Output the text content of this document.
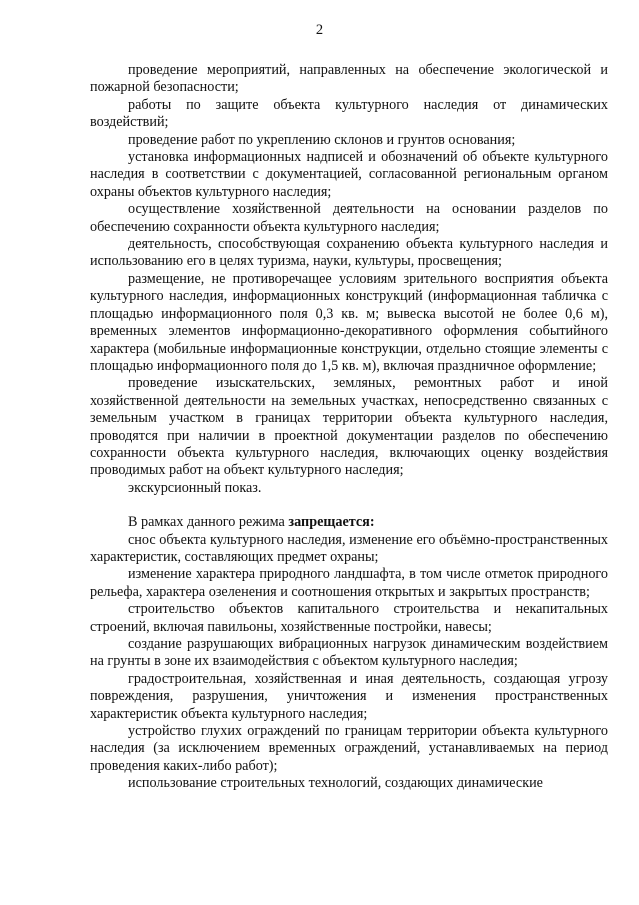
2

проведение мероприятий, направленных на обеспечение экологической и пожарной безопасности;

работы по защите объекта культурного наследия от динамических воздействий;

проведение работ по укреплению склонов и грунтов основания;

установка информационных надписей и обозначений об объекте культурного наследия в соответствии с документацией, согласованной региональным органом охраны объектов культурного наследия;

осуществление хозяйственной деятельности на основании разделов по обеспечению сохранности объекта культурного наследия;

деятельность, способствующая сохранению объекта культурного наследия и использованию его в целях туризма, науки, культуры, просвещения;

размещение, не противоречащее условиям зрительного восприятия объекта культурного наследия, информационных конструкций (информационная табличка с площадью информационного поля 0,3 кв. м; вывеска высотой не более 0,6 м), временных элементов информационно-декоративного оформления событийного характера (мобильные информационные конструкции, отдельно стоящие элементы с площадью информационного поля до 1,5 кв. м), включая праздничное оформление;

проведение изыскательских, земляных, ремонтных работ и иной хозяйственной деятельности на земельных участках, непосредственно связанных с земельным участком в границах территории объекта культурного наследия, проводятся при наличии в проектной документации разделов по обеспечению сохранности объекта культурного наследия, включающих оценку воздействия проводимых работ на объект культурного наследия;

экскурсионный показ.

В рамках данного режима запрещается:

снос объекта культурного наследия, изменение его объёмно-пространственных характеристик, составляющих предмет охраны;

изменение характера природного ландшафта, в том числе отметок природного рельефа, характера озеленения и соотношения открытых и закрытых пространств;

строительство объектов капитального строительства и некапитальных строений, включая павильоны, хозяйственные постройки, навесы;

создание разрушающих вибрационных нагрузок динамическим воздействием на грунты в зоне их взаимодействия с объектом культурного наследия;

градостроительная, хозяйственная и иная деятельность, создающая угрозу повреждения, разрушения, уничтожения и изменения пространственных характеристик объекта культурного наследия;

устройство глухих ограждений по границам территории объекта культурного наследия (за исключением временных ограждений, устанавливаемых на период проведения каких-либо работ);

использование строительных технологий, создающих динамические
